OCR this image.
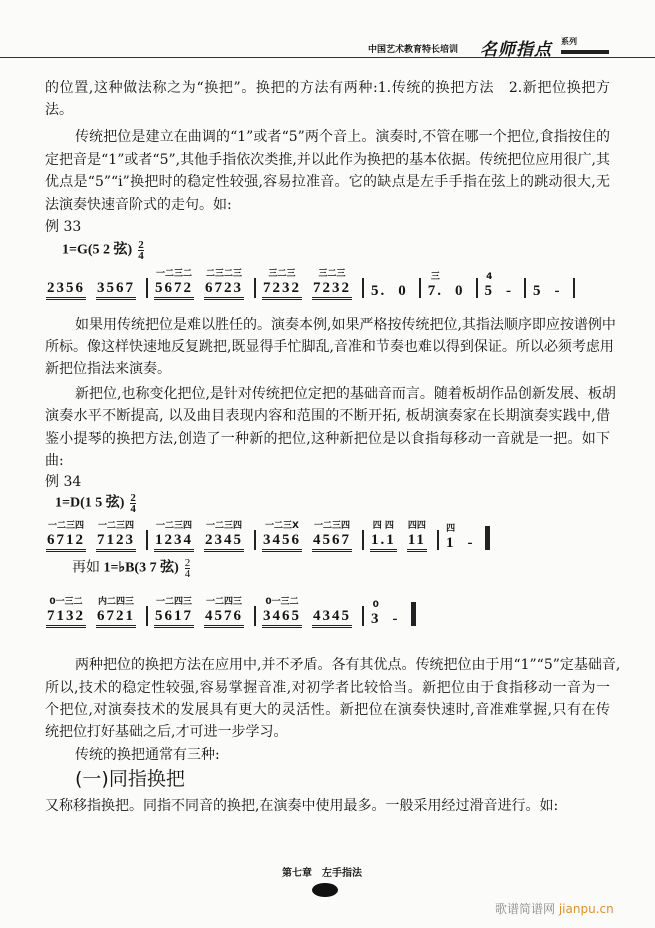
中国艺术教育特长培训 名师指点 系列
的位置,这种做法称之为“换把”。换把的方法有两种:1.传统的换把方法　2.新把位换把方
法。
传统把位是建立在曲调的“1”或者“5”两个音上。演奏时,不管在哪一个把位,食指按住的
定把音是“1”或者“5”,其他手指依次类推,并以此作为换把的基本依据。传统把位应用很广,其
优点是“5”“i”换把时的稳定性较强,容易拉准音。它的缺点是左手手指在弦上的跳动很大,无
法演奏快速音阶式的走句。如:
例 33
1=G(5 2 弦) $\frac{2}{4}$
2356 3567
一二三二
5672
二三二三
6723
三二三
7232
三二三
7232 5. 0
三
7. 0
4
5 - 5 -
如果用传统把位是难以胜任的。演奏本例,如果严格按传统把位,其指法顺序即应按谱例中
所标。像这样快速地反复跳把,既显得手忙脚乱,音准和节奏也难以得到保证。所以必须考虑用
新把位指法来演奏。
新把位,也称变化把位,是针对传统把位定把的基础音而言。随着板胡作品创新发展、板胡
演奏水平不断提高, 以及曲目表现内容和范围的不断开拓, 板胡演奏家在长期演奏实践中,借
鉴小提琴的换把方法,创造了一种新的把位,这种新把位是以食指每移动一音就是一把。如下
曲:
例 34
1=D(1 5 弦) $\frac{2}{4}$
一二三四
6712
一二三四
7123
一二三四
1234
一二三四
2345
一二三X
3456
一二三四
4567
四 四
1.1
四四
11
四
1 -
再如 1=♭B(3 7 弦) $\frac{2}{4}$
0一三二
7132
内二四三
6721
一二四三
5617
一二四三
4576
0一三二
3465 4345
0
3 -
两种把位的换把方法在应用中,并不矛盾。各有其优点。传统把位由于用“1”“5”定基础音,
所以,技术的稳定性较强,容易掌握音准,对初学者比较恰当。新把位由于食指移动一音为一
个把位,对演奏技术的发展具有更大的灵活性。新把位在演奏快速时,音准难掌握,只有在传
统把位打好基础之后,才可进一步学习。
传统的换把通常有三种:
(一)同指换把
又称移指换把。同指不同音的换把,在演奏中使用最多。一般采用经过滑音进行。如:
第七章　左手指法
歌谱简谱网 jianpu.cn
